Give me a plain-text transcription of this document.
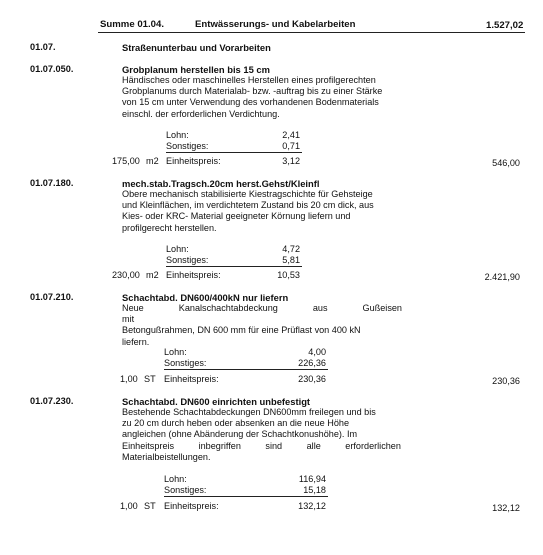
Summe 01.04.	Entwässerungs- und Kabelarbeiten	1.527,02
01.07.	Straßenunterbau und Vorarbeiten
01.07.050.	Grobplanum herstellen bis 15 cm
Händisches oder maschinelles Herstellen eines profilgerechten
Grobplanums durch Materialab- bzw. -auftrag bis zu einer Stärke
von 15 cm unter Verwendung des vorhandenen Bodenmaterials
einschl. der erforderlichen Verdichtung.
Lohn:	2,41
Sonstiges:	0,71
175,00 m2 Einheitspreis:	3,12	546,00
01.07.180.	mech.stab.Tragsch.20cm herst.Gehst/Kleinfl
Obere mechanisch stabilisierte Kiestragschichte für Gehsteige
und Kleinflächen, im verdichtetem Zustand bis 20 cm dick, aus
Kies- oder KRC- Material geeigneter Körnung liefern und
profilgerecht herstellen.
Lohn:	4,72
Sonstiges:	5,81
230,00 m2 Einheitspreis:	10,53	2.421,90
01.07.210.	Schachtabd. DN600/400kN nur liefern
Neue Kanalschachtabdeckung aus Gußeisen mit
Betongußrahmen, DN 600 mm für eine Prüflast von 400 kN
liefern.
Lohn:	4,00
Sonstiges:	226,36
1,00 ST Einheitspreis:	230,36	230,36
01.07.230.	Schachtabd. DN600 einrichten unbefestigt
Bestehende Schachtabdeckungen DN600mm freilegen und bis
zu 20 cm durch heben oder absenken an die neue Höhe
angleichen (ohne Abänderung der Schachtkonushöhe). Im
Einheitspreis inbegriffen sind alle erforderlichen
Materialbeistellungen.
Lohn:	116,94
Sonstiges:	15,18
1,00 ST Einheitspreis:	132,12	132,12
